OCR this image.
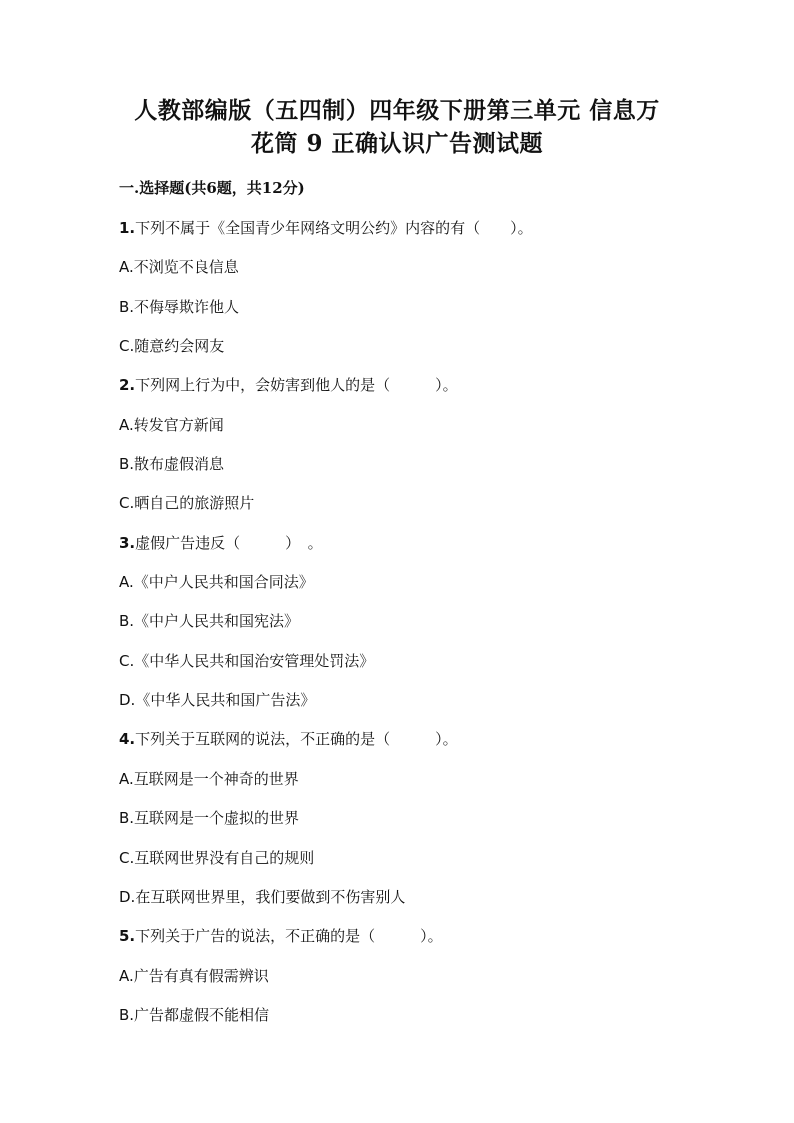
人教部编版（五四制）四年级下册第三单元 信息万
花筒 9 正确认识广告测试题
一.选择题(共6题，共12分)
1.下列不属于《全国青少年网络文明公约》内容的有（　　）。
A.不浏览不良信息
B.不侮辱欺诈他人
C.随意约会网友
2.下列网上行为中，会妨害到他人的是（　　　）。
A.转发官方新闻
B.散布虚假消息
C.晒自己的旅游照片
3.虚假广告违反（　　　）　。
A.《中户人民共和国合同法》
B.《中户人民共和国宪法》
C.《中华人民共和国治安管理处罚法》
D.《中华人民共和国广告法》
4.下列关于互联网的说法，不正确的是（　　　）。
A.互联网是一个神奇的世界
B.互联网是一个虚拟的世界
C.互联网世界没有自己的规则
D.在互联网世界里，我们要做到不伤害别人
5.下列关于广告的说法，不正确的是（　　　）。
A.广告有真有假需辨识
B.广告都虚假不能相信
